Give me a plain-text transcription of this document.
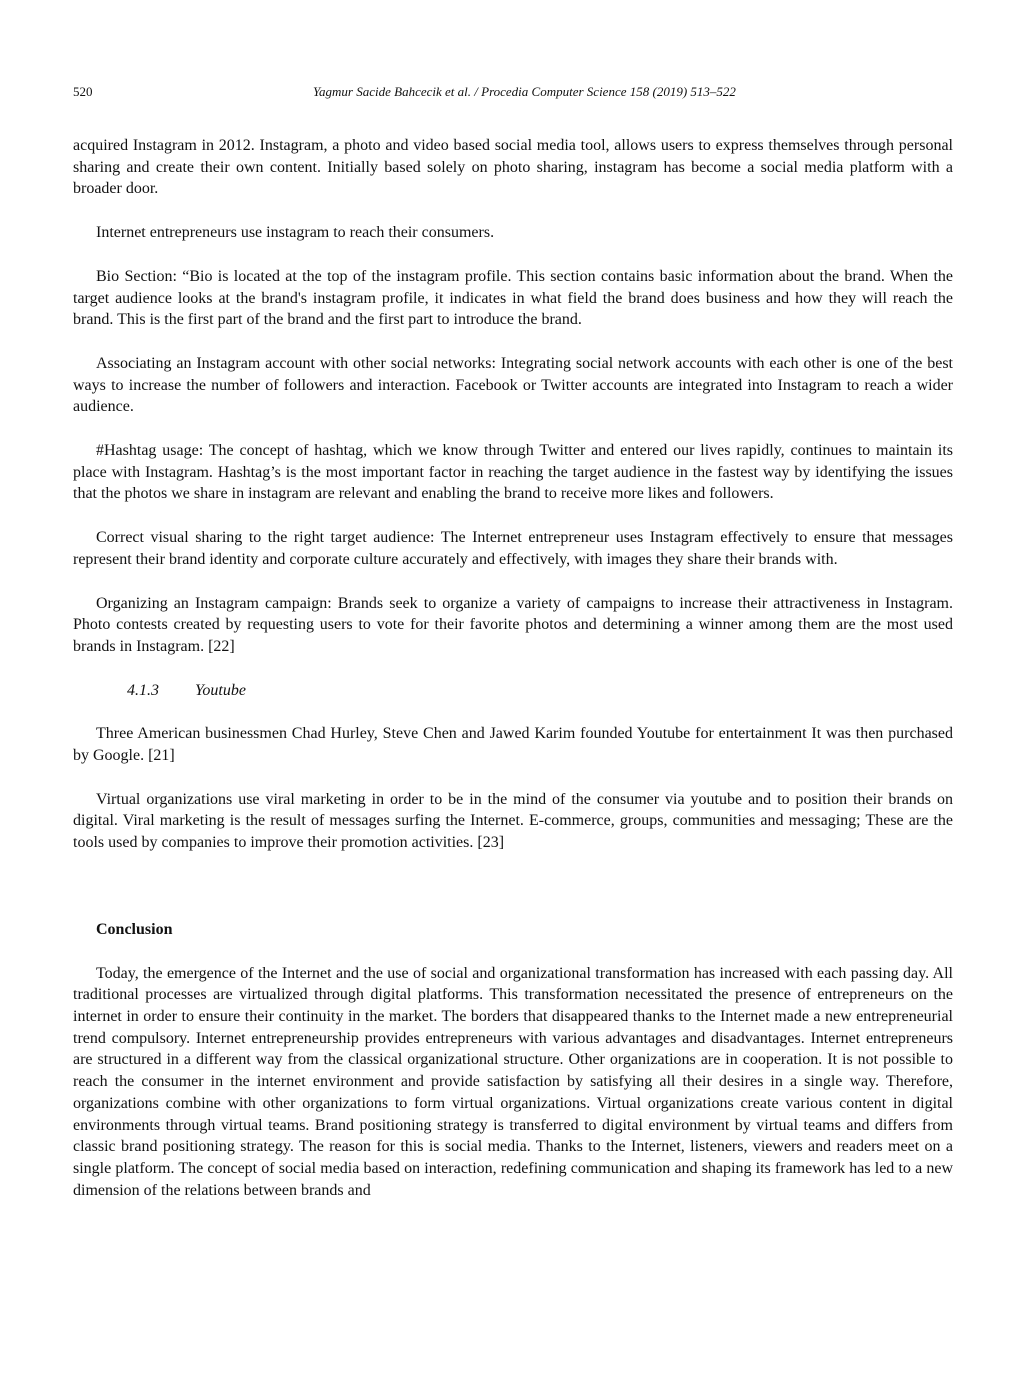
520	Yagmur Sacide Bahcecik et al. / Procedia Computer Science 158 (2019) 513–522

acquired Instagram in 2012. Instagram, a photo and video based social media tool, allows users to express themselves through personal sharing and create their own content. Initially based solely on photo sharing, instagram has become a social media platform with a broader door.

Internet entrepreneurs use instagram to reach their consumers.

Bio Section: “Bio is located at the top of the instagram profile. This section contains basic information about the brand. When the target audience looks at the brand's instagram profile, it indicates in what field the brand does business and how they will reach the brand. This is the first part of the brand and the first part to introduce the brand.

Associating an Instagram account with other social networks: Integrating social network accounts with each other is one of the best ways to increase the number of followers and interaction. Facebook or Twitter accounts are integrated into Instagram to reach a wider audience.

#Hashtag usage: The concept of hashtag, which we know through Twitter and entered our lives rapidly, continues to maintain its place with Instagram. Hashtag’s is the most important factor in reaching the target audience in the fastest way by identifying the issues that the photos we share in instagram are relevant and enabling the brand to receive more likes and followers.

Correct visual sharing to the right target audience: The Internet entrepreneur uses Instagram effectively to ensure that messages represent their brand identity and corporate culture accurately and effectively, with images they share their brands with.

Organizing an Instagram campaign: Brands seek to organize a variety of campaigns to increase their attractiveness in Instagram. Photo contests created by requesting users to vote for their favorite photos and determining a winner among them are the most used brands in Instagram. [22]

4.1.3 Youtube

Three American businessmen Chad Hurley, Steve Chen and Jawed Karim founded Youtube for entertainment It was then purchased by Google. [21]

Virtual organizations use viral marketing in order to be in the mind of the consumer via youtube and to position their brands on digital. Viral marketing is the result of messages surfing the Internet. E-commerce, groups, communities and messaging; These are the tools used by companies to improve their promotion activities. [23]

Conclusion

Today, the emergence of the Internet and the use of social and organizational transformation has increased with each passing day. All traditional processes are virtualized through digital platforms. This transformation necessitated the presence of entrepreneurs on the internet in order to ensure their continuity in the market. The borders that disappeared thanks to the Internet made a new entrepreneurial trend compulsory. Internet entrepreneurship provides entrepreneurs with various advantages and disadvantages. Internet entrepreneurs are structured in a different way from the classical organizational structure. Other organizations are in cooperation. It is not possible to reach the consumer in the internet environment and provide satisfaction by satisfying all their desires in a single way. Therefore, organizations combine with other organizations to form virtual organizations. Virtual organizations create various content in digital environments through virtual teams. Brand positioning strategy is transferred to digital environment by virtual teams and differs from classic brand positioning strategy. The reason for this is social media. Thanks to the Internet, listeners, viewers and readers meet on a single platform. The concept of social media based on interaction, redefining communication and shaping its framework has led to a new dimension of the relations between brands and
